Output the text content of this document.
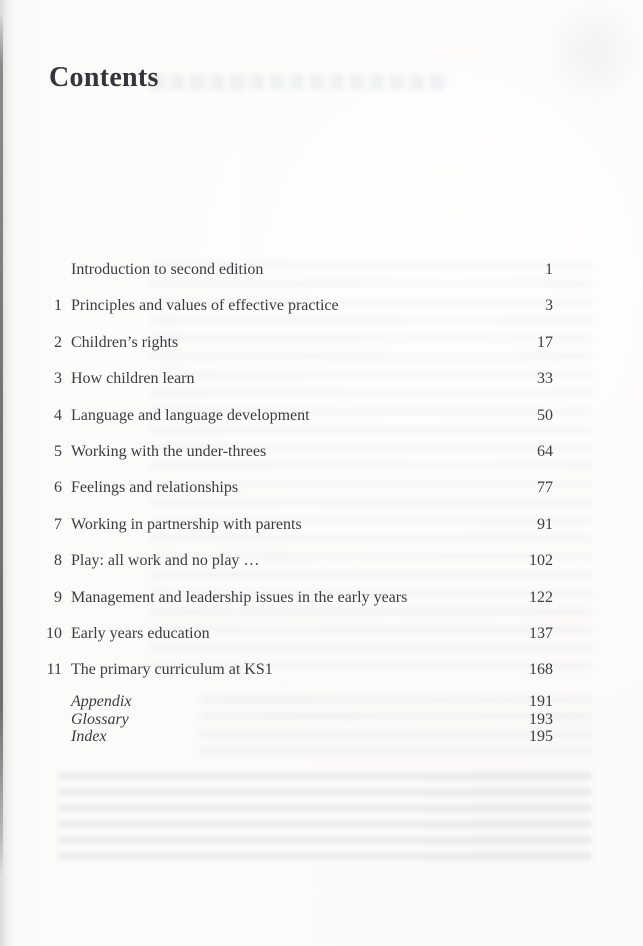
Contents
Introduction to second edition	1
1 Principles and values of effective practice	3
2 Children’s rights	17
3 How children learn	33
4 Language and language development	50
5 Working with the under-threes	64
6 Feelings and relationships	77
7 Working in partnership with parents	91
8 Play: all work and no play …	102
9 Management and leadership issues in the early years	122
10 Early years education	137
11 The primary curriculum at KS1	168
Appendix	191
Glossary	193
Index	195
